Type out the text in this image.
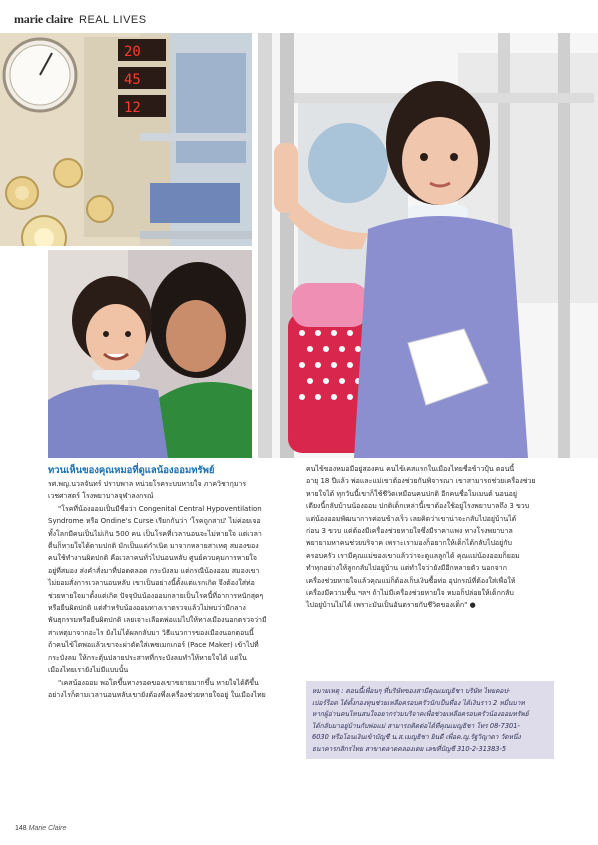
marie claire REAL LIVES
20
45
12
ทวนเห็นของคุณหมอที่ดูแลน้องออมทรัพย์

รศ.พญ.นวลจันทร์ ปราบพาล หน่วยโรคระบบหายใจ ภาควิชากุมาร

เวชศาสตร์ โรงพยาบาลจุฬาลงกรณ์

"โรคที่น้องออมเป็นมีชื่อว่า Congenital Central Hypoventilation

Syndrome หรือ Ondine's Curse เรียกกันว่า 'โรคถูกสาป' ไม่ค่อยเจอ

ทั้งโลกมีคนเป็นไม่เกิน 500 คน เป็นโรคที่เวลานอนจะไม่หายใจ แต่เวลา

ตื่นก็หายใจได้ตามปกติ มักเป็นแต่กำเนิด มาจากหลายสาเหตุ สมองของ

คนใช้ทำงานผิดปกติ คือเวลาคนทั่วไปนอนหลับ ศูนย์ควบคุมการหายใจ

อยู่ที่สมอง ส่งคำสั่งมาที่ปอดตลอด กระบังลม แต่กรณีน้องออม สมองเขา

ไม่ยอมสั่งการเวลานอนหลับ เขาเป็นอย่างนี้ตั้งแต่แรกเกิด จึงต้องใส่ท่อ

ช่วยหายใจมาตั้งแต่เกิด ปัจจุบันน้องออมกลายเป็นโรคนี้ที่อาการหนักสุดๆ

หรือยืนผิดปกติ แต่สำหรับน้องออมทางเราตรวจแล้วไม่พบว่ามีกลาง

พันธุกรรมหรือยืนผิดปกติ เลยเจาะเลือดพ่อแม่ไปให้ทางเมืองนอกตรวจว่ามี

สาเหตุมาจากอะไร ยังไม่ได้ผลกลับมา วิธีแนวการของเมืองนอกตอนนี้

ถ้าคนไข้โตพอแล้วเขาจะผ่าตัดใส่เพซเมกเกอร์ (Pace Maker) เข้าไปที่

กระบังลม ให้กระตุ้นปลายประสาทที่กระบังลมทำให้หายใจได้ แต่ใน

เมืองไทยเรายังไม่มีแบบนั้น

"เคสน้องออม พอโตขึ้นทางรอดของเขาขยายมากขึ้น หายใจได้ดีขึ้น

อย่างไรก็ตามเวลานอนหลับเขายังต้องพึ่งเครื่องช่วยหายใจอยู่ ในเมืองไทย

คนไข้ของหมอมีอยู่สองคน คนไข้เคสแรกในเมืองไทยชื่อข้าวปุ้น ตอนนี้

อายุ 18 ปีแล้ว พ่อและแม่เขาต้องช่วยกันพิจารณา เขาสามารถช่วยเครื่องช่วย

หายใจได้ ทุกวันนี้เขาก็ใช้ชีวิตเหมือนคนปกติ อีกคนชื่อโมเมนต์ นอนอยู่

เตียงนี้กลับบ้านน้องออม ปกติเด็กเหล่านี้เขาต้องใช้อยู่โรงพยาบาลถึง 3 ขวบ

แต่น้องออมพัฒนาการค่อนข้างเร็ว เลยคิดว่าเขาน่าจะกลับไปอยู่บ้านได้

ก่อน 3 ขวบ แต่ต้องมีเครื่องช่วยหายใจซึ่งมีราคาแพง ทางโรงพยาบาล

พยายามหาคนช่วยบริจาค เพราะเรามองก็อยากให้เด็กได้กลับไปอยู่กับ

ครอบครัว เรามีคุณแม่ของเขาแล้วว่าจะดูแลลูกได้ คุณแม่น้องออมก็ยอม

ทำทุกอย่างให้ลูกกลับไปอยู่บ้าน แต่ทำใจว่ายังมีอีกหลายตัว นอกจาก

เครื่องช่วยหายใจแล้วคุณแม่ก็ต้องเก็บเงินซื้อท่อ อุปกรณ์ที่ต้องใส่เพื่อให้

เครื่องมีความชื้น ฯลฯ ถ้าไม่มีเครื่องช่วยหายใจ หมอก็ปล่อยให้เด็กกลับ

ไปอยู่บ้านไม่ได้ เพราะมันเป็นอันตรายกับชีวิตของเด็ก" ●

หมายเหตุ : ตอนนี้เพื่อนๆ ที่บริษัทของสามีคุณเมญธิชา บริษัท ไทยคอป-
เปอร์ร็อด ได้ตั้งกองทุนช่วยเหลือครอบครัวนักเป็นที่อง ได้เงินราว 2 หมื่นบาท
หากผู้อ่านคนไหนสนใจอยากร่วมบริจาคเพื่อช่วยเหลือครอบครัวน้องออมทรัพย์
ได้กลับมาอยู่บ้านกับพ่อแม่ สามารถติดต่อได้ที่คุณเมญธิชา โทร 08-7301-
6030 หรือโอนเงินเข้าบัญชี น.ส.เมญธิชา ยินดี เพื่อค.ญ.รัฐวิญาดา วัดหนึ่ง
ธนาคารกสิกรไทย สาขาตลาดคลองเตย เลขที่บัญชี 310-2-31383-5
148 Marie Claire
